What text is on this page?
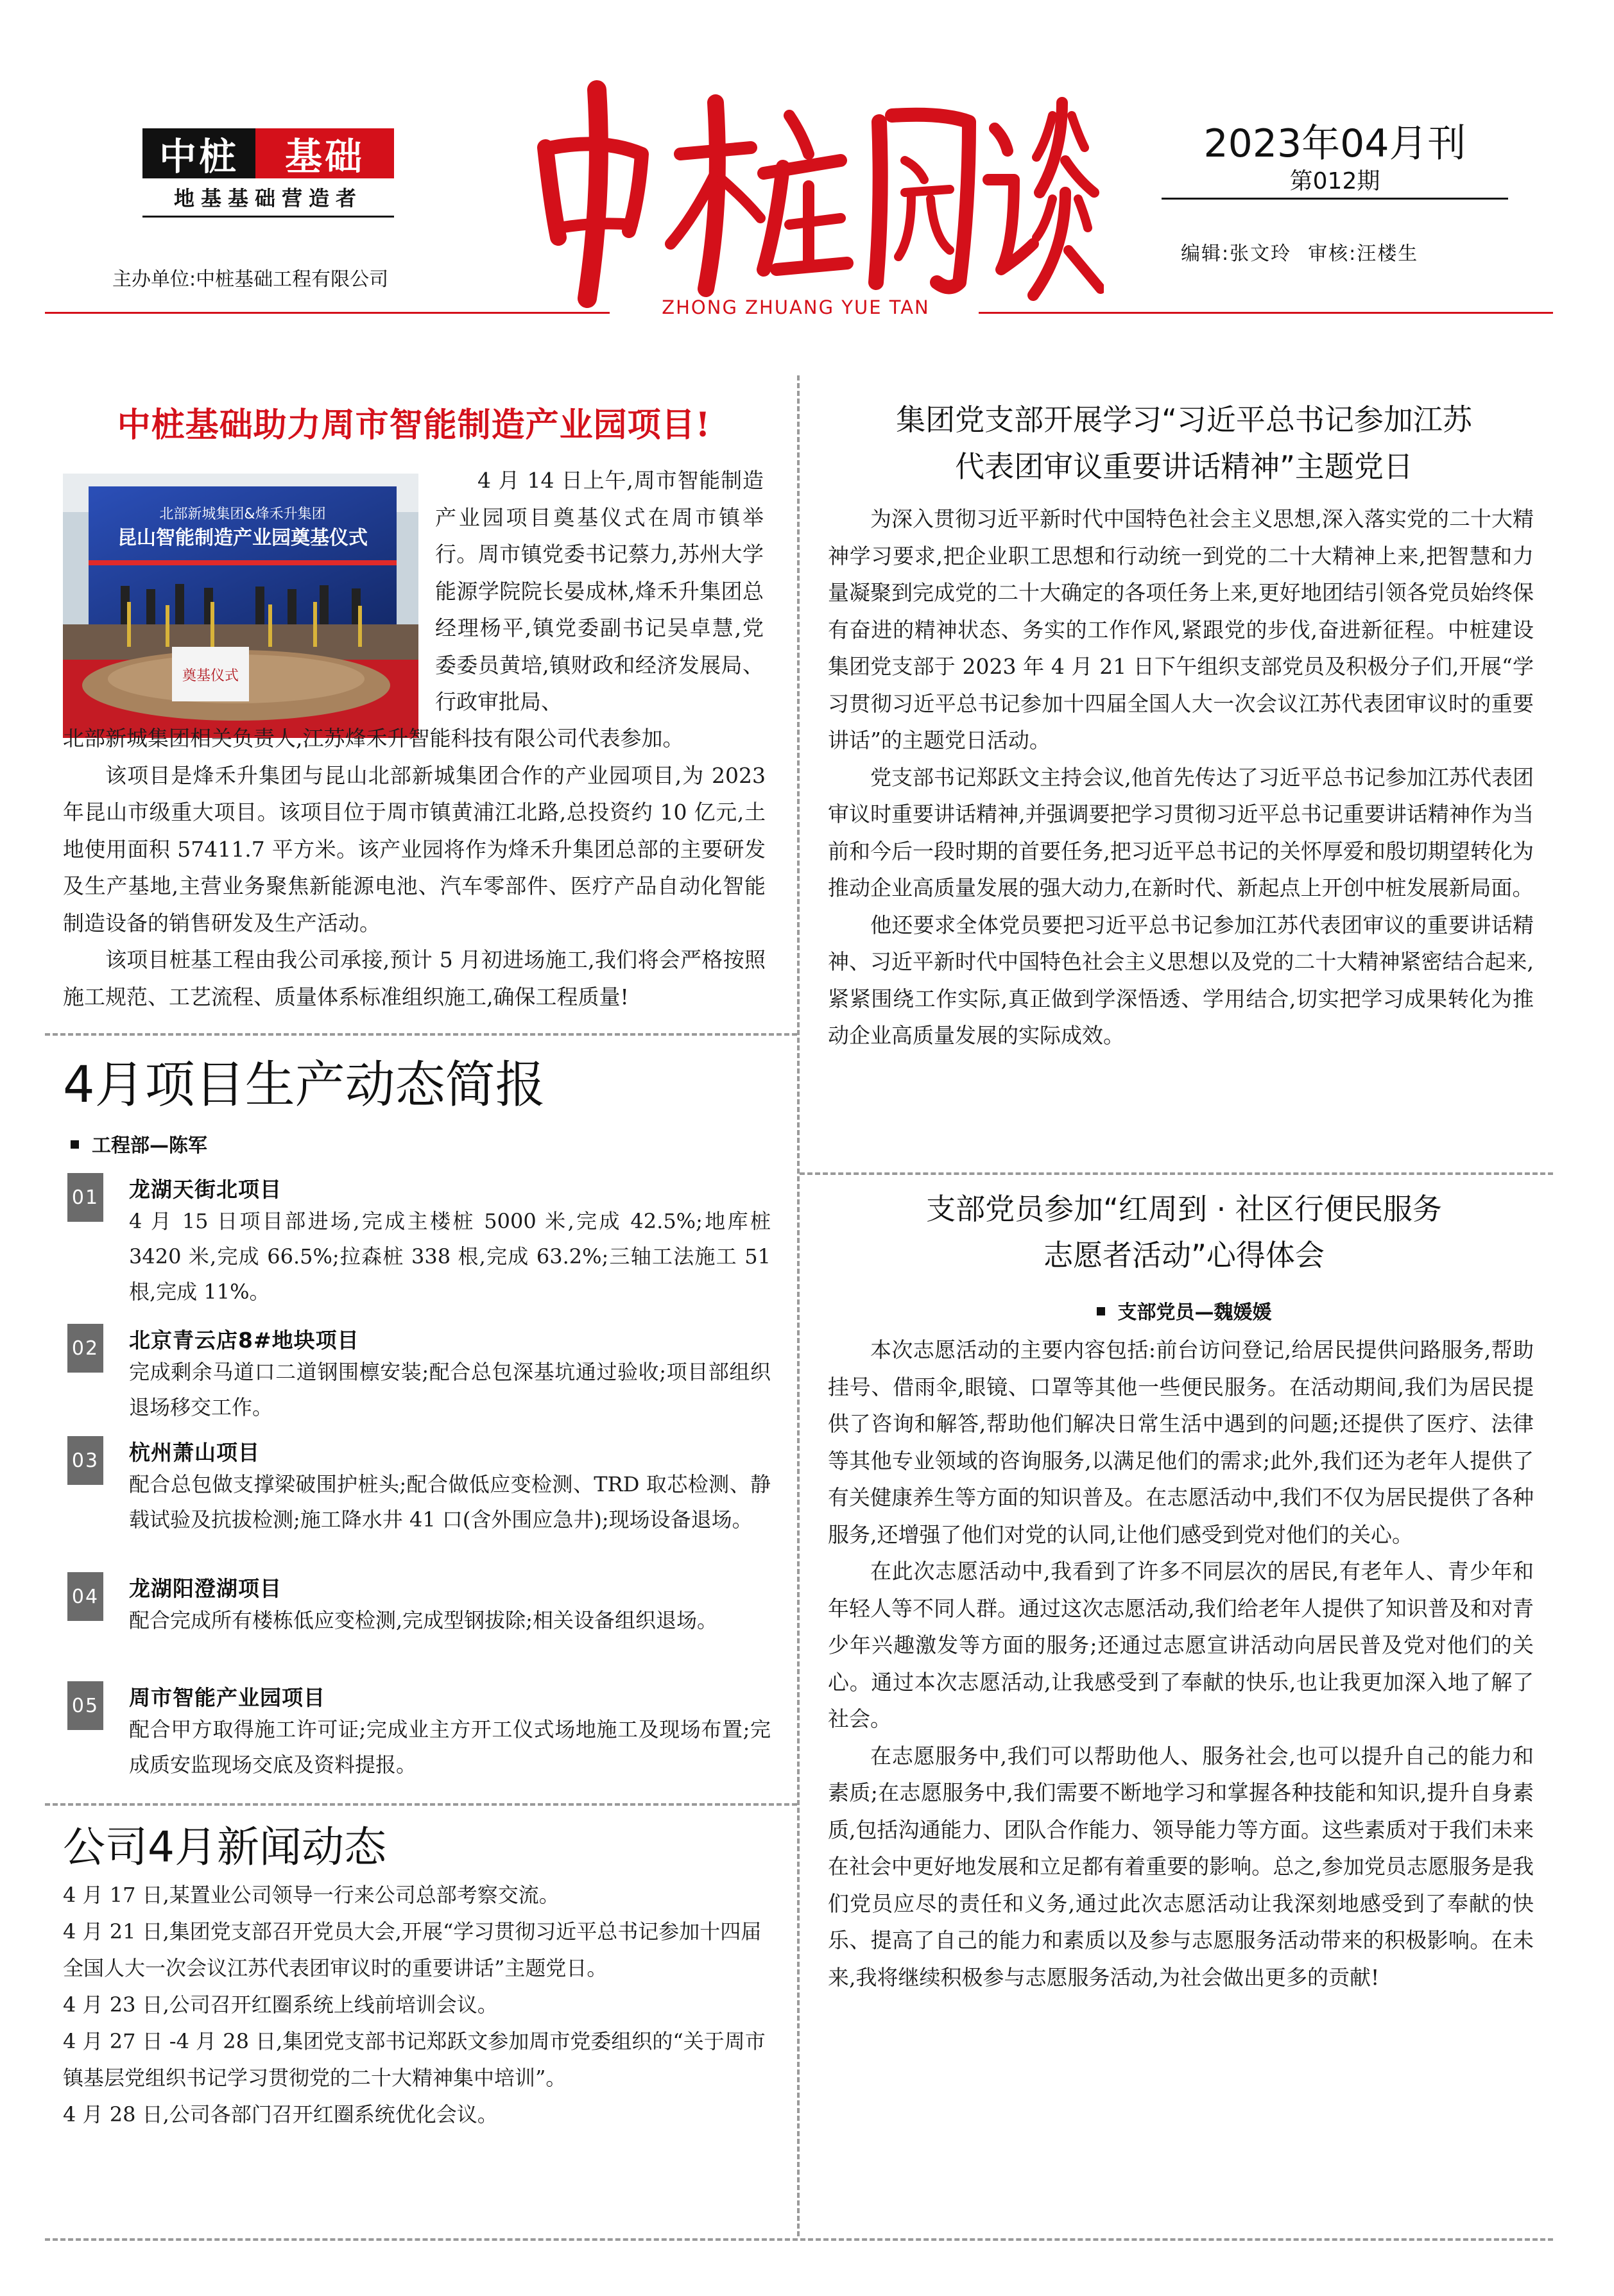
中桩	基础
地基基础营造者
主办单位:中桩基础工程有限公司
ZHONG ZHUANG YUE TAN
2023年04月刊
第012期
编辑:张文玲 审核:汪楼生
中桩基础助力周市智能制造产业园项目!
北部新城集团&烽禾升集团
昆山智能制造产业园奠基仪式
奠基仪式

4 月 14 日上午,周市智能制造产业园项目奠基仪式在周市镇举行。周市镇党委书记蔡力,苏州大学能源学院院长晏成林,烽禾升集团总经理杨平,镇党委副书记吴卓慧,党委委员黄培,镇财政和经济发展局、行政审批局、

北部新城集团相关负责人,江苏烽禾升智能科技有限公司代表参加。

该项目是烽禾升集团与昆山北部新城集团合作的产业园项目,为 2023 年昆山市级重大项目。该项目位于周市镇黄浦江北路,总投资约 10 亿元,土地使用面积 57411.7 平方米。该产业园将作为烽禾升集团总部的主要研发及生产基地,主营业务聚焦新能源电池、汽车零部件、医疗产品自动化智能制造设备的销售研发及生产活动。

该项目桩基工程由我公司承接,预计 5 月初进场施工,我们将会严格按照施工规范、工艺流程、质量体系标准组织施工,确保工程质量!

4月项目生产动态简报
工程部—陈军
01 龙湖天街北项目
4 月 15 日项目部进场,完成主楼桩 5000 米,完成 42.5%;地库桩 3420 米,完成 66.5%;拉森桩 338 根,完成 63.2%;三轴工法施工 51 根,完成 11%。
02 北京青云店8#地块项目
完成剩余马道口二道钢围檩安装;配合总包深基坑通过验收;项目部组织退场移交工作。
03 杭州萧山项目
配合总包做支撑梁破围护桩头;配合做低应变检测、TRD 取芯检测、静载试验及抗拔检测;施工降水井 41 口(含外围应急井);现场设备退场。
04 龙湖阳澄湖项目
配合完成所有楼栋低应变检测,完成型钢拔除;相关设备组织退场。
05 周市智能产业园项目
配合甲方取得施工许可证;完成业主方开工仪式场地施工及现场布置;完成质安监现场交底及资料提报。
公司4月新闻动态

4 月 17 日,某置业公司领导一行来公司总部考察交流。

4 月 21 日,集团党支部召开党员大会,开展“学习贯彻习近平总书记参加十四届全国人大一次会议江苏代表团审议时的重要讲话”主题党日。

4 月 23 日,公司召开红圈系统上线前培训会议。

4 月 27 日 -4 月 28 日,集团党支部书记郑跃文参加周市党委组织的“关于周市镇基层党组织书记学习贯彻党的二十大精神集中培训”。

4 月 28 日,公司各部门召开红圈系统优化会议。

集团党支部开展学习“习近平总书记参加江苏
代表团审议重要讲话精神”主题党日

为深入贯彻习近平新时代中国特色社会主义思想,深入落实党的二十大精神学习要求,把企业职工思想和行动统一到党的二十大精神上来,把智慧和力量凝聚到完成党的二十大确定的各项任务上来,更好地团结引领各党员始终保有奋进的精神状态、务实的工作作风,紧跟党的步伐,奋进新征程。中桩建设集团党支部于 2023 年 4 月 21 日下午组织支部党员及积极分子们,开展“学习贯彻习近平总书记参加十四届全国人大一次会议江苏代表团审议时的重要讲话”的主题党日活动。

党支部书记郑跃文主持会议,他首先传达了习近平总书记参加江苏代表团审议时重要讲话精神,并强调要把学习贯彻习近平总书记重要讲话精神作为当前和今后一段时期的首要任务,把习近平总书记的关怀厚爱和殷切期望转化为推动企业高质量发展的强大动力,在新时代、新起点上开创中桩发展新局面。

他还要求全体党员要把习近平总书记参加江苏代表团审议的重要讲话精神、习近平新时代中国特色社会主义思想以及党的二十大精神紧密结合起来,紧紧围绕工作实际,真正做到学深悟透、学用结合,切实把学习成果转化为推动企业高质量发展的实际成效。

支部党员参加“红周到 · 社区行便民服务
志愿者活动”心得体会
支部党员—魏媛媛

本次志愿活动的主要内容包括:前台访问登记,给居民提供问路服务,帮助挂号、借雨伞,眼镜、口罩等其他一些便民服务。在活动期间,我们为居民提供了咨询和解答,帮助他们解决日常生活中遇到的问题;还提供了医疗、法律等其他专业领域的咨询服务,以满足他们的需求;此外,我们还为老年人提供了有关健康养生等方面的知识普及。在志愿活动中,我们不仅为居民提供了各种服务,还增强了他们对党的认同,让他们感受到党对他们的关心。

在此次志愿活动中,我看到了许多不同层次的居民,有老年人、青少年和年轻人等不同人群。通过这次志愿活动,我们给老年人提供了知识普及和对青少年兴趣激发等方面的服务;还通过志愿宣讲活动向居民普及党对他们的关心。通过本次志愿活动,让我感受到了奉献的快乐,也让我更加深入地了解了社会。

在志愿服务中,我们可以帮助他人、服务社会,也可以提升自己的能力和素质;在志愿服务中,我们需要不断地学习和掌握各种技能和知识,提升自身素质,包括沟通能力、团队合作能力、领导能力等方面。这些素质对于我们未来在社会中更好地发展和立足都有着重要的影响。总之,参加党员志愿服务是我们党员应尽的责任和义务,通过此次志愿活动让我深刻地感受到了奉献的快乐、提高了自己的能力和素质以及参与志愿服务活动带来的积极影响。在未来,我将继续积极参与志愿服务活动,为社会做出更多的贡献!
